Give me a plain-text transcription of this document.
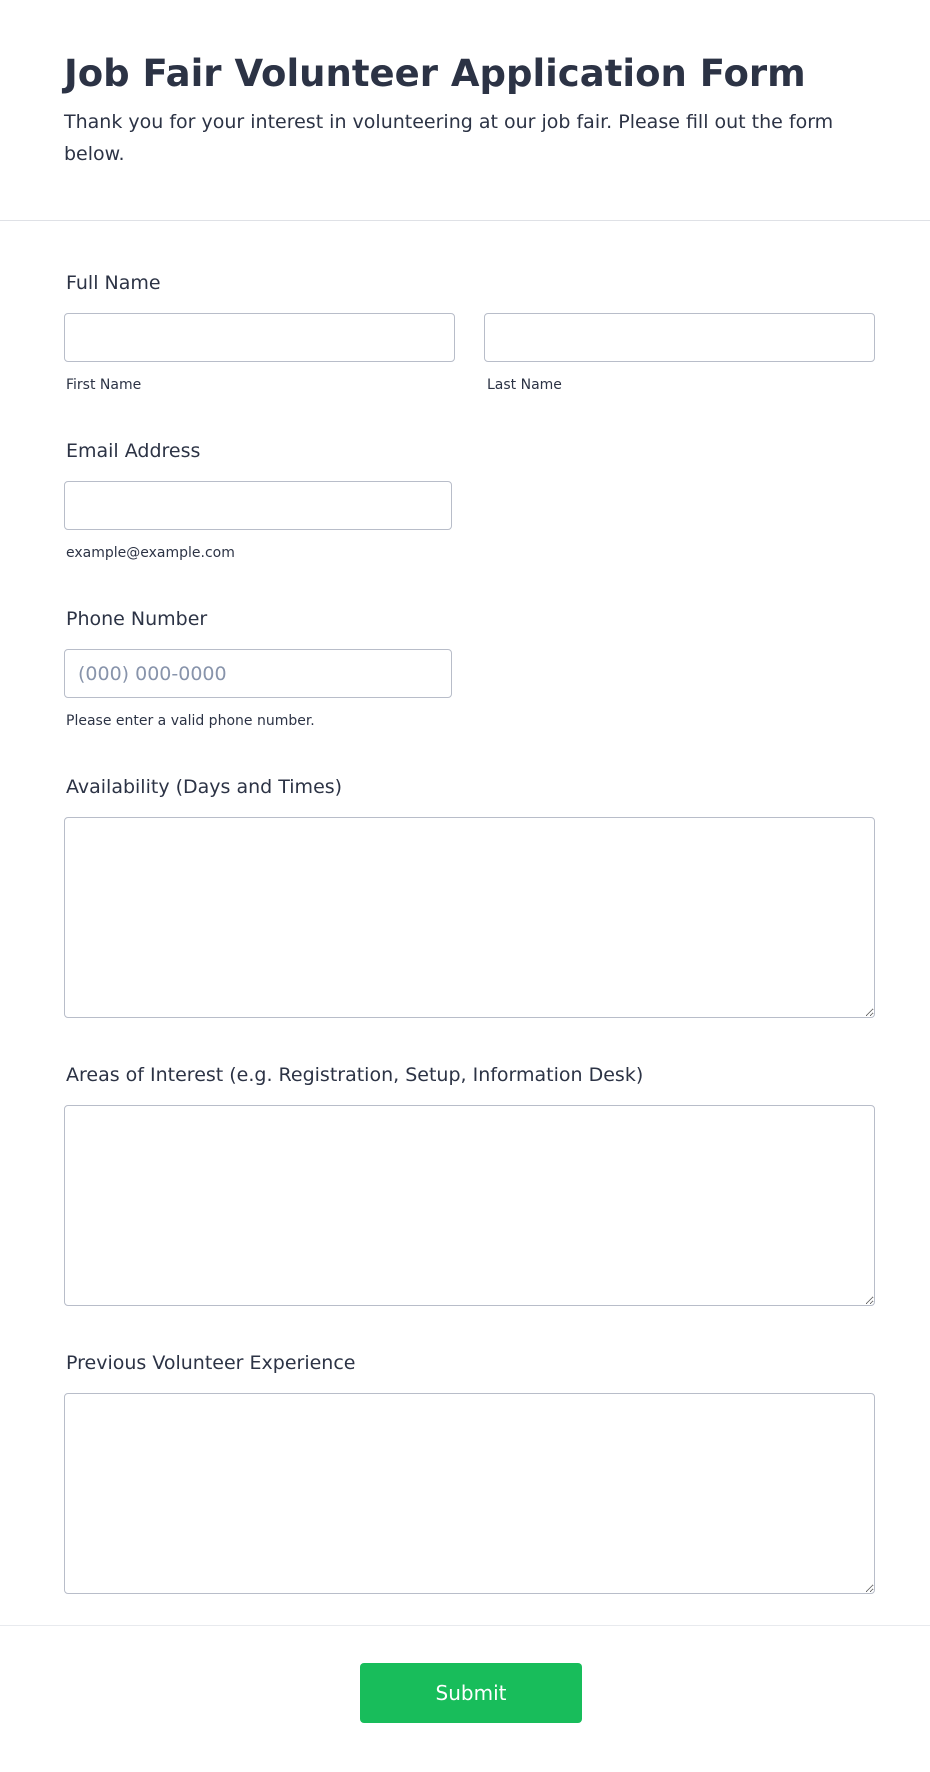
Job Fair Volunteer Application Form

Thank you for your interest in volunteering at our job fair. Please fill out the form below.

Full Name
First Name	Last Name
Email Address
example@example.com
Phone Number
(000) 000-0000
Please enter a valid phone number.
Availability (Days and Times)
Areas of Interest (e.g. Registration, Setup, Information Desk)
Previous Volunteer Experience
Submit
